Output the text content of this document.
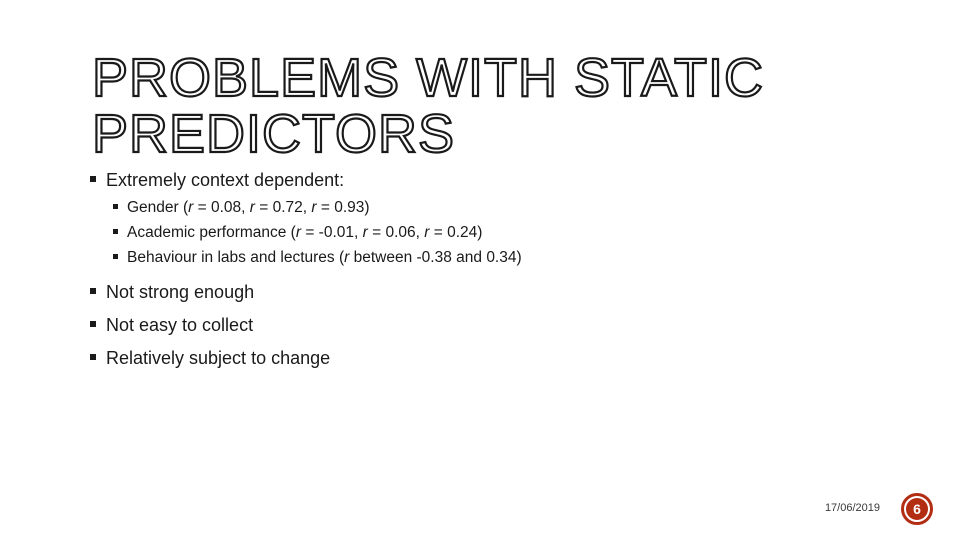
PROBLEMS WITH STATIC
PREDICTORS
Extremely context dependent:
Gender (r = 0.08, r = 0.72, r = 0.93)
Academic performance (r = -0.01, r = 0.06, r = 0.24)
Behaviour in labs and lectures (r between -0.38 and 0.34)
Not strong enough
Not easy to collect
Relatively subject to change
17/06/2019	6
